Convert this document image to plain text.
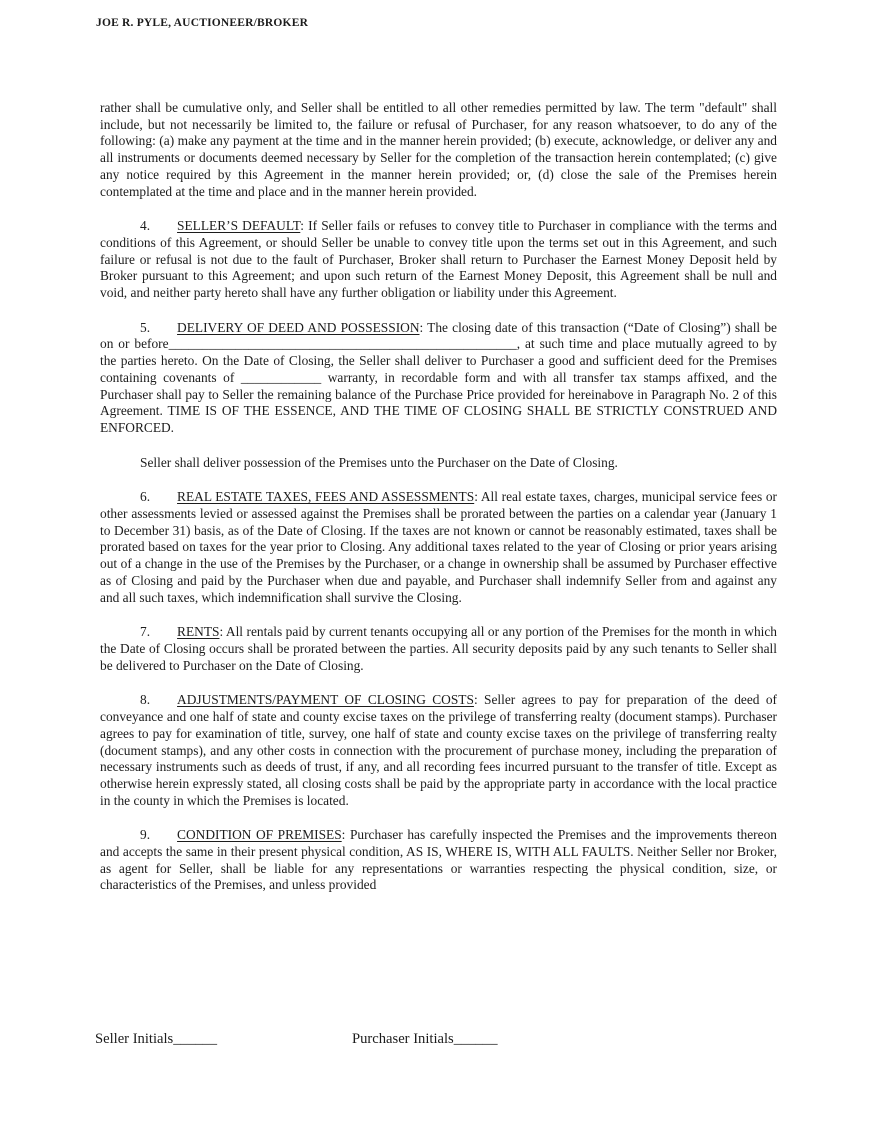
JOE R. PYLE, AUCTIONEER/BROKER

rather shall be cumulative only, and Seller shall be entitled to all other remedies permitted by law. The term "default" shall include, but not necessarily be limited to, the failure or refusal of Purchaser, for any reason whatsoever, to do any of the following: (a) make any payment at the time and in the manner herein provided; (b) execute, acknowledge, or deliver any and all instruments or documents deemed necessary by Seller for the completion of the transaction herein contemplated; (c) give any notice required by this Agreement in the manner herein provided; or, (d) close the sale of the Premises herein contemplated at the time and place and in the manner herein provided.

4. SELLER’S DEFAULT: If Seller fails or refuses to convey title to Purchaser in compliance with the terms and conditions of this Agreement, or should Seller be unable to convey title upon the terms set out in this Agreement, and such failure or refusal is not due to the fault of Purchaser, Broker shall return to Purchaser the Earnest Money Deposit held by Broker pursuant to this Agreement; and upon such return of the Earnest Money Deposit, this Agreement shall be null and void, and neither party hereto shall have any further obligation or liability under this Agreement.

5. DELIVERY OF DEED AND POSSESSION: The closing date of this transaction (“Date of Closing”) shall be on or before____________________________________________________, at such time and place mutually agreed to by the parties hereto. On the Date of Closing, the Seller shall deliver to Purchaser a good and sufficient deed for the Premises containing covenants of ____________ warranty, in recordable form and with all transfer tax stamps affixed, and the Purchaser shall pay to Seller the remaining balance of the Purchase Price provided for hereinabove in Paragraph No. 2 of this Agreement. TIME IS OF THE ESSENCE, AND THE TIME OF CLOSING SHALL BE STRICTLY CONSTRUED AND ENFORCED.

Seller shall deliver possession of the Premises unto the Purchaser on the Date of Closing.

6. REAL ESTATE TAXES, FEES AND ASSESSMENTS: All real estate taxes, charges, municipal service fees or other assessments levied or assessed against the Premises shall be prorated between the parties on a calendar year (January 1 to December 31) basis, as of the Date of Closing. If the taxes are not known or cannot be reasonably estimated, taxes shall be prorated based on taxes for the year prior to Closing. Any additional taxes related to the year of Closing or prior years arising out of a change in the use of the Premises by the Purchaser, or a change in ownership shall be assumed by Purchaser effective as of Closing and paid by the Purchaser when due and payable, and Purchaser shall indemnify Seller from and against any and all such taxes, which indemnification shall survive the Closing.

7. RENTS: All rentals paid by current tenants occupying all or any portion of the Premises for the month in which the Date of Closing occurs shall be prorated between the parties. All security deposits paid by any such tenants to Seller shall be delivered to Purchaser on the Date of Closing.

8. ADJUSTMENTS/PAYMENT OF CLOSING COSTS: Seller agrees to pay for preparation of the deed of conveyance and one half of state and county excise taxes on the privilege of transferring realty (document stamps). Purchaser agrees to pay for examination of title, survey, one half of state and county excise taxes on the privilege of transferring realty (document stamps), and any other costs in connection with the procurement of purchase money, including the preparation of necessary instruments such as deeds of trust, if any, and all recording fees incurred pursuant to the transfer of title. Except as otherwise herein expressly stated, all closing costs shall be paid by the appropriate party in accordance with the local practice in the county in which the Premises is located.

9. CONDITION OF PREMISES: Purchaser has carefully inspected the Premises and the improvements thereon and accepts the same in their present physical condition, AS IS, WHERE IS, WITH ALL FAULTS. Neither Seller nor Broker, as agent for Seller, shall be liable for any representations or warranties respecting the physical condition, size, or characteristics of the Premises, and unless provided

Seller Initials______	Purchaser Initials______
